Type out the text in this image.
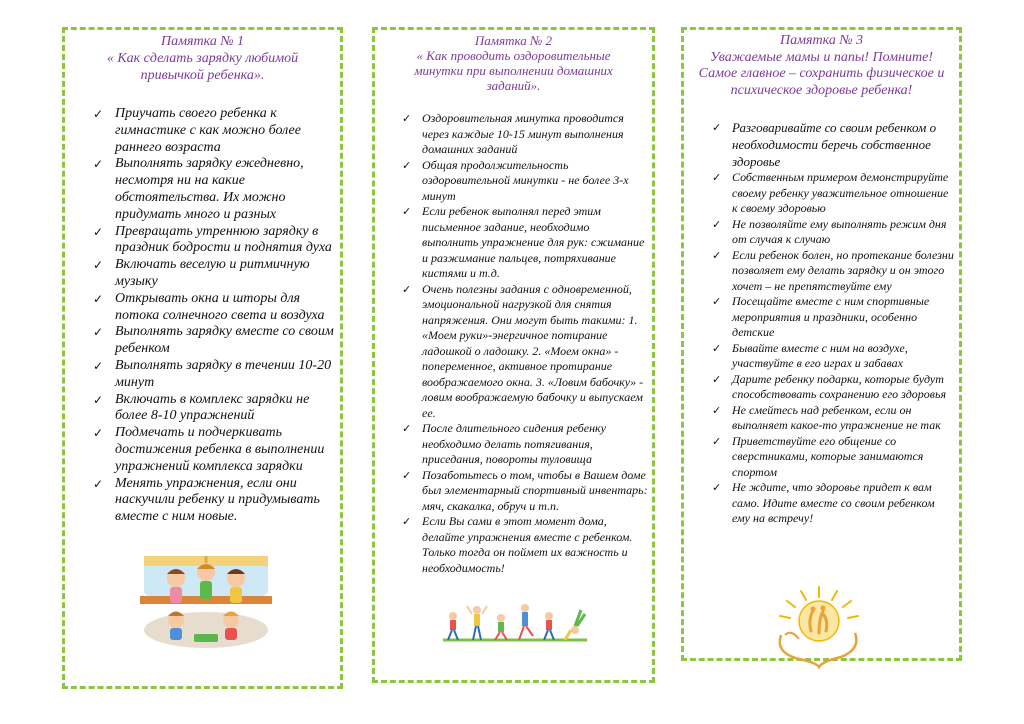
Памятка № 1
« Как сделать зарядку любимой
привычкой ребенка».
✓ Приучать своего ребенка к гимнастике с как можно более раннего возраста
✓ Выполнять зарядку ежедневно, несмотря ни на какие обстоятельства. Их можно придумать много и разных
✓ Превращать утреннюю зарядку в праздник бодрости и поднятия духа
✓ Включать веселую и ритмичную музыку
✓ Открывать окна и шторы для потока солнечного света и воздуха
✓ Выполнять зарядку вместе со своим ребенком
✓ Выполнять зарядку в течении 10-20 минут
✓ Включать в комплекс зарядки не более 8-10 упражнений
✓ Подмечать и подчеркивать достижения ребенка в выполнении упражнений комплекса зарядки
✓ Менять упражнения, если они наскучили ребенку и придумывать вместе с ним новые.
Памятка № 2
« Как проводить оздоровительные
минутки при выполнении домашних
заданий».
✓ Оздоровительная минутка проводится через каждые 10-15 минут выполнения домашних заданий
✓ Общая продолжительность оздоровительной минутки - не более 3-х минут
✓ Если ребенок выполнял перед этим письменное задание, необходимо выполнить упражнение для рук: сжимание и разжимание пальцев, потряхивание кистями и т.д.
✓ Очень полезны задания с одновременной, эмоциональной нагрузкой для снятия напряжения. Они могут быть такими: 1. «Моем руки»-энергичное потирание ладошкой о ладошку. 2. «Моем окна» - попеременное, активное протирание воображаемого окна. 3. «Ловим бабочку» - ловим воображаемую бабочку и выпускаем ее.
✓ После длительного сидения ребенку необходимо делать потягивания, приседания, повороты туловища
✓ Позаботьтесь о том, чтобы в Вашем доме был элементарный спортивный инвентарь: мяч, скакалка, обруч и т.п.
✓ Если Вы сами в этот момент дома, делайте упражнения вместе с ребенком. Только тогда он поймет их важность и необходимость!
Памятка № 3
Уважаемые мамы и папы! Помните!
Самое главное – сохранить физическое и
психическое здоровье ребенка!
✓ Разговаривайте со своим ребенком о необходимости беречь собственное здоровье
✓ Собственным примером демонстрируйте своему ребенку уважительное отношение к своему здоровью
✓ Не позволяйте ему выполнять режим дня от случая к случаю
✓ Если ребенок болен, но протекание болезни позволяет ему делать зарядку и он этого хочет – не препятствуйте ему
✓ Посещайте вместе с ним спортивные мероприятия и праздники, особенно детские
✓ Бывайте вместе с ним на воздухе, участвуйте в его играх и забавах
✓ Дарите ребенку подарки, которые будут способствовать сохранению его здоровья
✓ Не смейтесь над ребенком, если он выполняет какое-то упражнение не так
✓ Приветствуйте его общение со сверстниками, которые занимаются спортом
✓ Не ждите, что здоровье придет к вам само. Идите вместе со своим ребенком ему на встречу!
